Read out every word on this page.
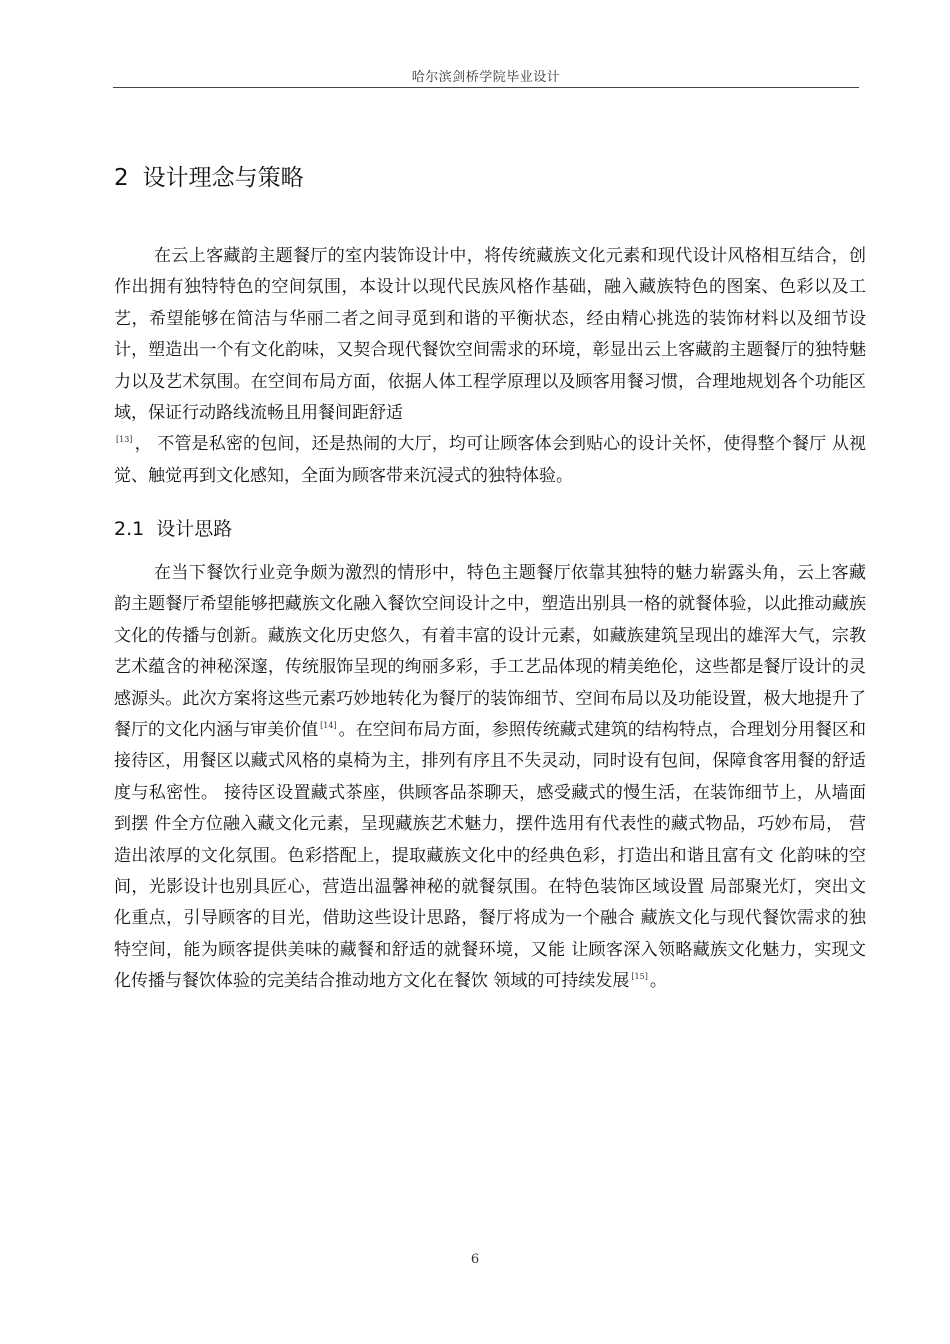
哈尔滨剑桥学院毕业设计
2 设计理念与策略

在云上客藏韵主题餐厅的室内装饰设计中，将传统藏族文化元素和现代设计风格相互结合，创作出拥有独特特色的空间氛围，本设计以现代民族风格作基础，融入藏族特色的图案、色彩以及工艺，希望能够在简洁与华丽二者之间寻觅到和谐的平衡状态，经由精心挑选的装饰材料以及细节设计，塑造出一个有文化韵味，又契合现代餐饮空间需求的环境，彰显出云上客藏韵主题餐厅的独特魅力以及艺术氛围。在空间布局方面，依据人体工程学原理以及顾客用餐习惯，合理地规划各个功能区域，保证行动路线流畅且用餐间距舒适
[13] ， 不管是私密的包间，还是热闹的大厅，均可让顾客体会到贴心的设计关怀，使得整个餐厅 从视觉、触觉再到文化感知，全面为顾客带来沉浸式的独特体验。

2.1 设计思路

在当下餐饮行业竞争颇为激烈的情形中，特色主题餐厅依靠其独特的魅力崭露头角，云上客藏韵主题餐厅希望能够把藏族文化融入餐饮空间设计之中，塑造出别具一格的就餐体验，以此推动藏族文化的传播与创新。藏族文化历史悠久，有着丰富的设计元素，如藏族建筑呈现出的雄浑大气，宗教艺术蕴含的神秘深邃，传统服饰呈现的绚丽多彩，手工艺品体现的精美绝伦，这些都是餐厅设计的灵感源头。此次方案将这些元素巧妙地转化为餐厅的装饰细节、空间布局以及功能设置，极大地提升了餐厅的文化内涵与审美价值 [14] 。在空间布局方面，参照传统藏式建筑的结构特点，合理划分用餐区和接待区，用餐区以藏式风格的桌椅为主，排列有序且不失灵动，同时设有包间，保障食客用餐的舒适度与私密性。 接待区设置藏式茶座，供顾客品茶聊天，感受藏式的慢生活，在装饰细节上，从墙面到摆 件全方位融入藏文化元素，呈现藏族艺术魅力，摆件选用有代表性的藏式物品，巧妙布局， 营造出浓厚的文化氛围。色彩搭配上，提取藏族文化中的经典色彩，打造出和谐且富有文 化韵味的空间，光影设计也别具匠心，营造出温馨神秘的就餐氛围。在特色装饰区域设置 局部聚光灯，突出文化重点，引导顾客的目光，借助这些设计思路，餐厅将成为一个融合 藏族文化与现代餐饮需求的独特空间，能为顾客提供美味的藏餐和舒适的就餐环境，又能 让顾客深入领略藏族文化魅力，实现文化传播与餐饮体验的完美结合推动地方文化在餐饮 领域的可持续发展 [15] 。

6
